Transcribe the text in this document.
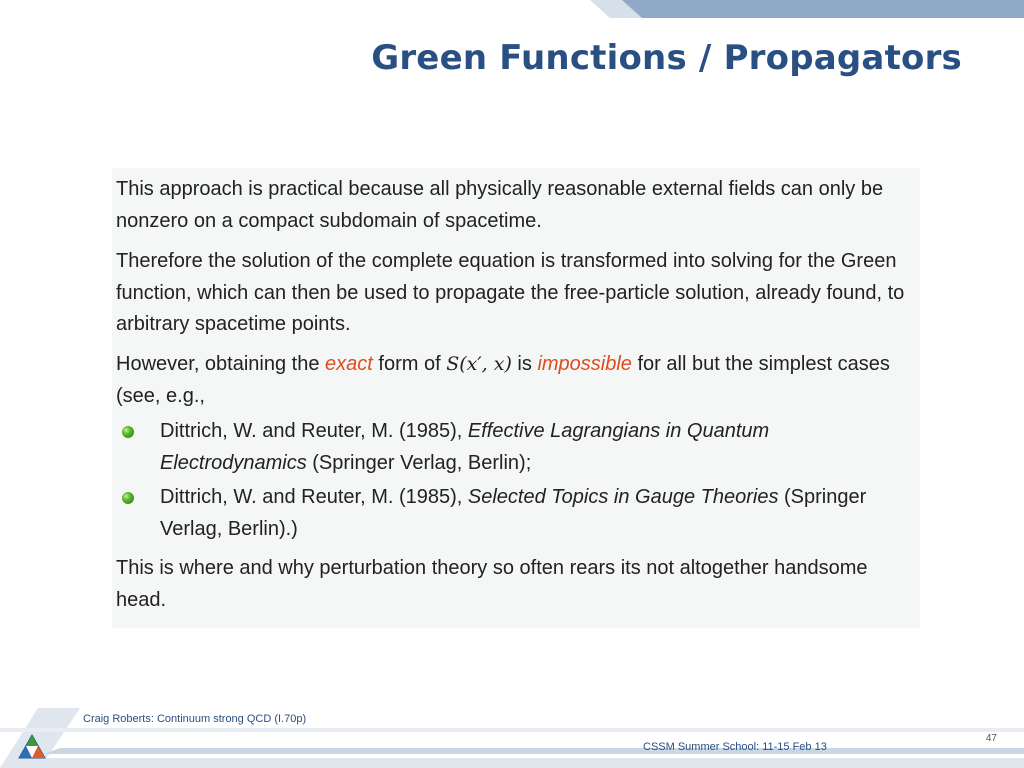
Green Functions / Propagators

This approach is practical because all physically reasonable external fields can only be nonzero on a compact subdomain of spacetime.

Therefore the solution of the complete equation is transformed into solving for the Green function, which can then be used to propagate the free-particle solution, already found, to arbitrary spacetime points.

However, obtaining the exact form of S(x′, x) is impossible for all but the simplest cases (see, e.g.,

Dittrich, W. and Reuter, M. (1985), Effective Lagrangians in Quantum Electrodynamics (Springer Verlag, Berlin);

Dittrich, W. and Reuter, M. (1985), Selected Topics in Gauge Theories (Springer Verlag, Berlin).)

This is where and why perturbation theory so often rears its not altogether handsome head.

Craig Roberts: Continuum strong QCD (I.70p)
CSSM Summer School: 11-15 Feb 13
47
